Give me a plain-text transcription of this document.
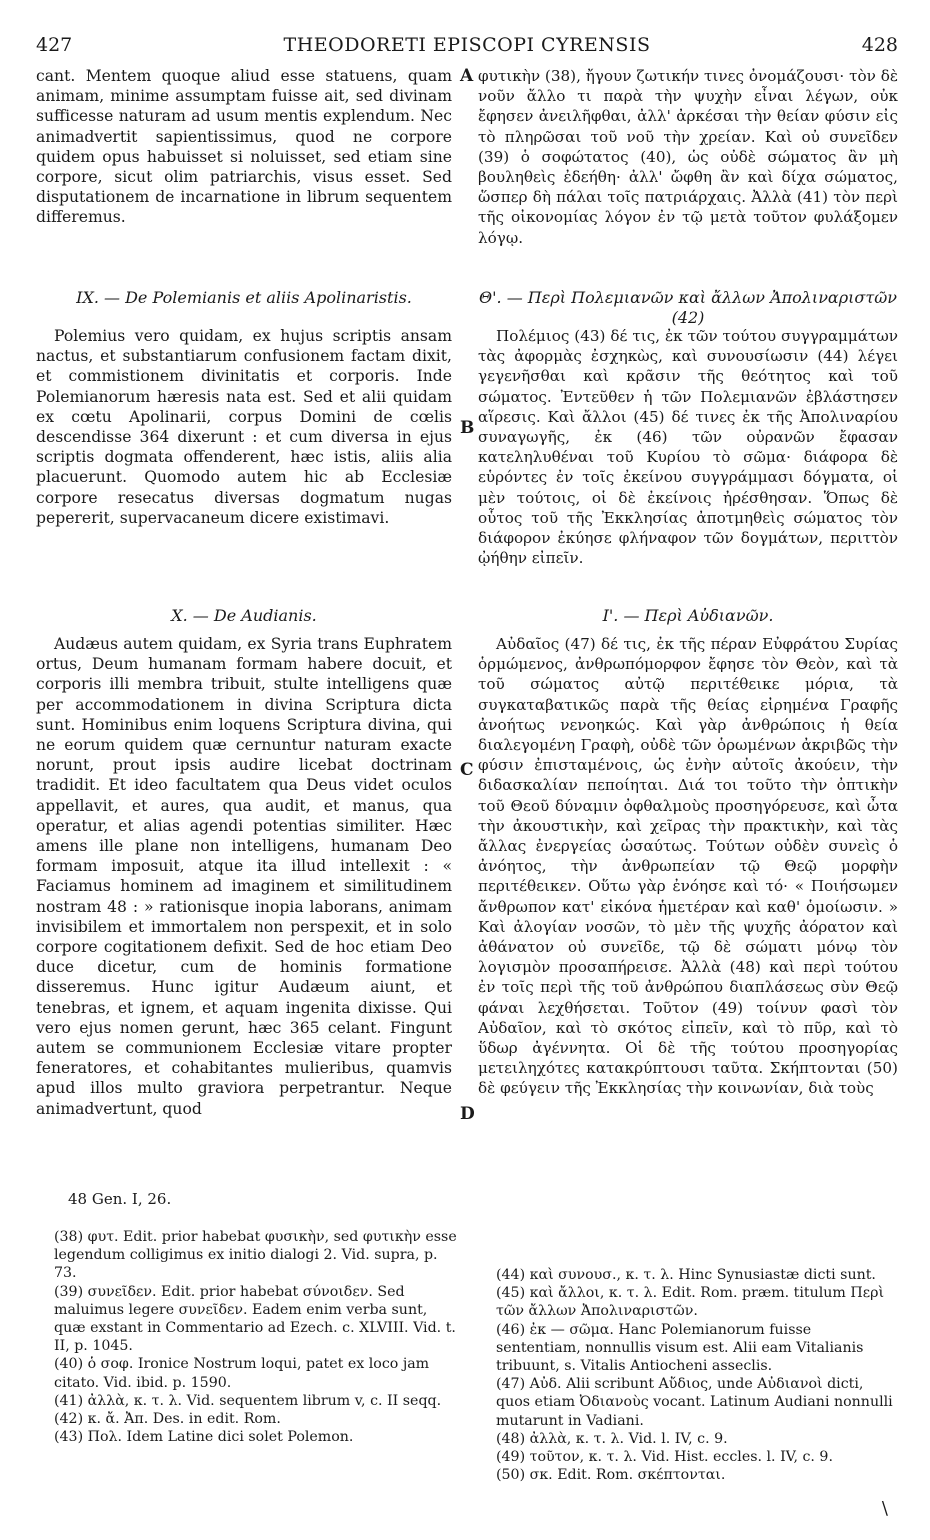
427	THEODORETI EPISCOPI CYRENSIS	428

cant. Mentem quoque aliud esse statuens, quam animam, minime assumptam fuisse ait, sed divinam sufficesse naturam ad usum mentis explendum. Nec animadvertit sapientissimus, quod ne corpore quidem opus habuisset si noluisset, sed etiam sine corpore, sicut olim patriarchis, visus esset. Sed disputationem de incarnatione in librum sequentem differemus.

IX. — De Polemianis et aliis Apolinaristis.

Polemius vero quidam, ex hujus scriptis ansam nactus, et substantiarum confusionem factam dixit, et commistionem divinitatis et corporis. Inde Polemianorum hæresis nata est. Sed et alii quidam ex cœtu Apolinarii, corpus Domini de cœlis descendisse 364 dixerunt : et cum diversa in ejus scriptis dogmata offenderent, hæc istis, aliis alia placuerunt. Quomodo autem hic ab Ecclesiæ corpore resecatus diversas dogmatum nugas pepererit, supervacaneum dicere existimavi.

X. — De Audianis.

Audæus autem quidam, ex Syria trans Euphratem ortus, Deum humanam formam habere docuit, et corporis illi membra tribuit, stulte intelligens quæ per accommodationem in divina Scriptura dicta sunt. Hominibus enim loquens Scriptura divina, qui ne eorum quidem quæ cernuntur naturam exacte norunt, prout ipsis audire licebat doctrinam tradidit. Et ideo facultatem qua Deus videt oculos appellavit, et aures, qua audit, et manus, qua operatur, et alias agendi potentias similiter. Hæc amens ille plane non intelligens, humanam Deo formam imposuit, atque ita illud intellexit : « Faciamus hominem ad imaginem et similitudinem nostram 48 : » rationisque inopia laborans, animam invisibilem et immortalem non perspexit, et in solo corpore cogitationem defixit. Sed de hoc etiam Deo duce dicetur, cum de hominis formatione disseremus. Hunc igitur Audæum aiunt, et tenebras, et ignem, et aquam ingenita dixisse. Qui vero ejus nomen gerunt, hæc 365 celant. Fingunt autem se communionem Ecclesiæ vitare propter feneratores, et cohabitantes mulieribus, quamvis apud illos multo graviora perpetrantur. Neque animadvertunt, quod

φυτικὴν (38), ἤγουν ζωτικήν τινες ὀνομάζουσι· τὸν δὲ νοῦν ἄλλο τι παρὰ τὴν ψυχὴν εἶναι λέγων, οὐκ ἔφησεν ἀνειλῆφθαι, ἀλλ' ἀρκέσαι τὴν θείαν φύσιν εἰς τὸ πληρῶσαι τοῦ νοῦ τὴν χρείαν. Καὶ οὐ συνεῖδεν (39) ὁ σοφώτατος (40), ὡς οὐδὲ σώματος ἂν μὴ βουληθεὶς ἐδεήθη· ἀλλ' ὤφθη ἂν καὶ δίχα σώματος, ὥσπερ δὴ πάλαι τοῖς πατριάρχαις. Ἀλλὰ (41) τὸν περὶ τῆς οἰκονομίας λόγον ἐν τῷ μετὰ τοῦτον φυλάξομεν λόγῳ.

Θ'. — Περὶ Πολεμιανῶν καὶ ἄλλων Ἀπολιναριστῶν (42)

Πολέμιος (43) δέ τις, ἐκ τῶν τούτου συγγραμμάτων τὰς ἀφορμὰς ἐσχηκὼς, καὶ συνουσίωσιν (44) λέγει γεγενῆσθαι καὶ κρᾶσιν τῆς θεότητος καὶ τοῦ σώματος. Ἐντεῦθεν ἡ τῶν Πολεμιανῶν ἐβλάστησεν αἵρεσις. Καὶ ἄλλοι (45) δέ τινες ἐκ τῆς Ἀπολιναρίου συναγωγῆς, ἐκ (46) τῶν οὐρανῶν ἔφασαν κατεληλυθέναι τοῦ Κυρίου τὸ σῶμα· διάφορα δὲ εὑρόντες ἐν τοῖς ἐκείνου συγγράμμασι δόγματα, οἱ μὲν τούτοις, οἱ δὲ ἐκείνοις ἠρέσθησαν. Ὅπως δὲ οὗτος τοῦ τῆς Ἐκκλησίας ἀποτμηθεὶς σώματος τὸν διάφορον ἐκύησε φλήναφον τῶν δογμάτων, περιττὸν ᾠήθην εἰπεῖν.

Ι'. — Περὶ Αὐδιανῶν.

Αὐδαῖος (47) δέ τις, ἐκ τῆς πέραν Εὐφράτου Συρίας ὁρμώμενος, ἀνθρωπόμορφον ἔφησε τὸν Θεὸν, καὶ τὰ τοῦ σώματος αὐτῷ περιτέθεικε μόρια, τὰ συγκαταβατικῶς παρὰ τῆς θείας εἰρημένα Γραφῆς ἀνοήτως νενοηκώς. Καὶ γὰρ ἀνθρώποις ἡ θεία διαλεγομένη Γραφὴ, οὐδὲ τῶν ὁρωμένων ἀκριβῶς τὴν φύσιν ἐπισταμένοις, ὡς ἐνὴν αὐτοῖς ἀκούειν, τὴν διδασκαλίαν πεποίηται. Διά τοι τοῦτο τὴν ὀπτικὴν τοῦ Θεοῦ δύναμιν ὀφθαλμοὺς προσηγόρευσε, καὶ ὦτα τὴν ἀκουστικὴν, καὶ χεῖρας τὴν πρακτικὴν, καὶ τὰς ἄλλας ἐνεργείας ὡσαύτως. Τούτων οὐδὲν συνεὶς ὁ ἀνόητος, τὴν ἀνθρωπείαν τῷ Θεῷ μορφὴν περιτέθεικεν. Οὕτω γὰρ ἐνόησε καὶ τό· « Ποιήσωμεν ἄνθρωπον κατ' εἰκόνα ἡμετέραν καὶ καθ' ὁμοίωσιν. » Καὶ ἀλογίαν νοσῶν, τὸ μὲν τῆς ψυχῆς ἀόρατον καὶ ἀθάνατον οὐ συνεῖδε, τῷ δὲ σώματι μόνῳ τὸν λογισμὸν προσαπήρεισε. Ἀλλὰ (48) καὶ περὶ τούτου ἐν τοῖς περὶ τῆς τοῦ ἀνθρώπου διαπλάσεως σὺν Θεῷ φάναι λεχθήσεται. Τοῦτον (49) τοίνυν φασὶ τὸν Αὐδαῖον, καὶ τὸ σκότος εἰπεῖν, καὶ τὸ πῦρ, καὶ τὸ ὕδωρ ἀγέννητα. Οἱ δὲ τῆς τούτου προσηγορίας μετειληχότες κατακρύπτουσι ταῦτα. Σκήπτονται (50) δὲ φεύγειν τῆς Ἐκκλησίας τὴν κοινωνίαν, διὰ τοὺς

A
B
C
D
48 Gen. I, 26.

(38) φυτ. Edit. prior habebat φυσικὴν, sed φυτικὴν esse legendum colligimus ex initio dialogi 2. Vid. supra, p. 73.

(39) συνεῖδεν. Edit. prior habebat σύνοιδεν. Sed maluimus legere συνεῖδεν. Eadem enim verba sunt, quæ exstant in Commentario ad Ezech. c. XLVIII. Vid. t. II, p. 1045.

(40) ὁ σοφ. Ironice Nostrum loqui, patet ex loco jam citato. Vid. ibid. p. 1590.

(41) ἀλλὰ, κ. τ. λ. Vid. sequentem librum v, c. II seqq.

(42) κ. ἄ. Ἀπ. Des. in edit. Rom.

(43) Πολ. Idem Latine dici solet Polemon.

(44) καὶ συνουσ., κ. τ. λ. Hinc Synusiastæ dicti sunt.

(45) καὶ ἄλλοι, κ. τ. λ. Edit. Rom. præm. titulum Περὶ τῶν ἄλλων Ἀπολιναριστῶν.

(46) ἐκ — σῶμα. Hanc Polemianorum fuisse sententiam, nonnullis visum est. Alii eam Vitalianis tribuunt, s. Vitalis Antiocheni asseclis.

(47) Αὐδ. Alii scribunt Αὔδιος, unde Αὐδιανοὶ dicti, quos etiam Ὀδιανοὺς vocant. Latinum Audiani nonnulli mutarunt in Vadiani.

(48) ἀλλὰ, κ. τ. λ. Vid. l. IV, c. 9.

(49) τοῦτον, κ. τ. λ. Vid. Hist. eccles. l. IV, c. 9.

(50) σκ. Edit. Rom. σκέπτονται.

\
